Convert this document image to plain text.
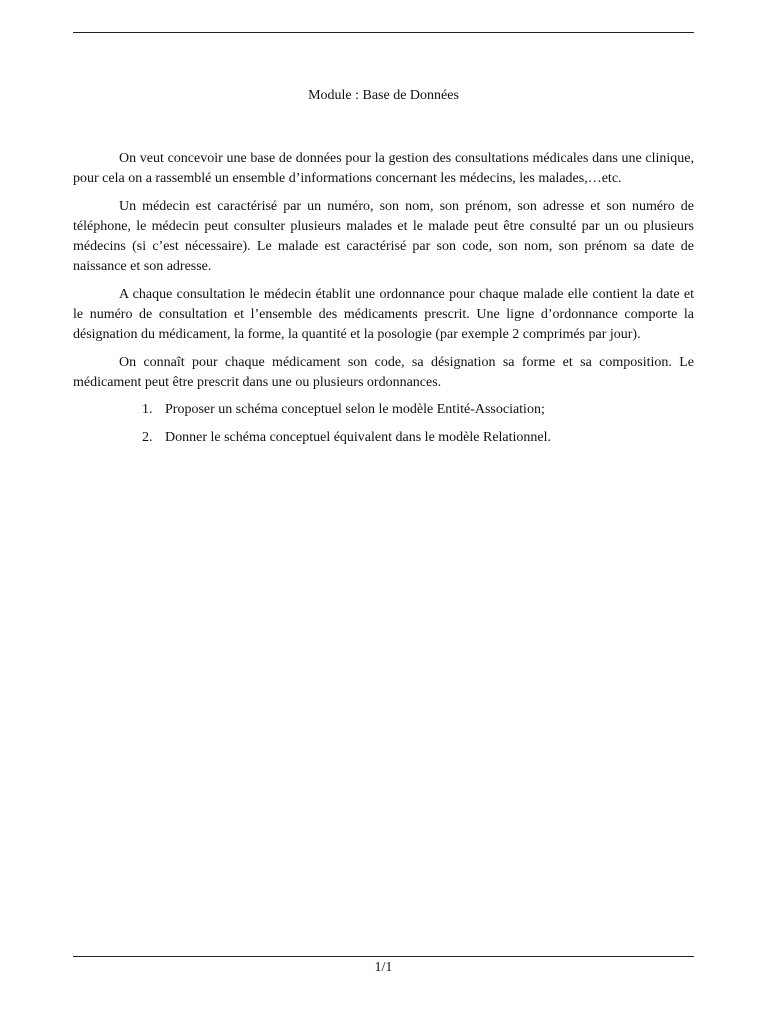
Module : Base de Données

On veut concevoir une base de données pour la gestion des consultations médicales dans une clinique, pour cela on a rassemblé un ensemble d’informations concernant les médecins, les malades,…etc.

Un médecin est caractérisé par un numéro, son nom, son prénom, son adresse et son numéro de téléphone, le médecin peut consulter plusieurs malades et le malade peut être consulté par un ou plusieurs médecins (si c’est nécessaire). Le malade est caractérisé par son code, son nom, son prénom sa date de naissance et son adresse.

A chaque consultation le médecin établit une ordonnance pour chaque malade elle contient la date et le numéro de consultation et l’ensemble des médicaments prescrit. Une ligne d’ordonnance comporte la désignation du médicament, la forme, la quantité et la posologie (par exemple 2 comprimés par jour).

On connaît pour chaque médicament son code, sa désignation sa forme et sa composition. Le médicament peut être prescrit dans une ou plusieurs ordonnances.

1. Proposer un schéma conceptuel selon le modèle Entité-Association;
2. Donner le schéma conceptuel équivalent dans le modèle Relationnel.
1/1
